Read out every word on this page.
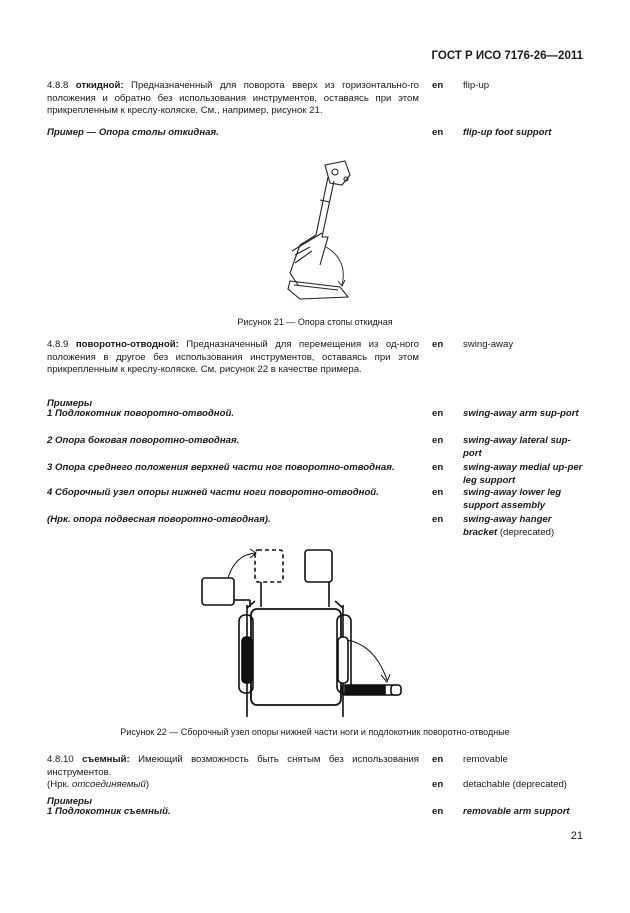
ГОСТ Р ИСО 7176-26—2011
4.8.8 откидной: Предназначенный для поворота вверх из горизонтально-го положения и обратно без использования инструментов, оставаясь при этом прикрепленным к креслу-коляске. См., например, рисунок 21.
en flip-up
Пример — Опора столы откидная.	en flip-up foot support
Рисунок 21 — Опора стопы откидная
4.8.9 поворотно-отводной: Предназначенный для перемещения из од-ного положения в другое без использования инструментов, оставаясь при этом прикрепленным к креслу-коляске. См. рисунок 22 в качестве примера.
en swing-away
Примеры
1 Подлокотник поворотно-отводной.	en swing-away arm sup-port
2 Опора боковая поворотно-отводная.	en swing-away lateral sup-port
3 Опора среднего положения верхней части ног поворотно-отводная.	en swing-away medial up-per leg support
4 Сборочный узел опоры нижней части ноги поворотно-отводной.	en swing-away lower leg support assembly
(Нрк. опора подвесная поворотно-отводная).	en swing-away hanger bracket (deprecated)
Рисунок 22 — Сборочный узел опоры нижней части ноги и подлокотник поворотно-отводные
4.8.10 съемный: Имеющий возможность быть снятым без использования инструментов.
en removable
(Нрк. отсоединяемый)	en detachable (deprecated)
Примеры
1 Подлокотник съемный.	en removable arm support
21
